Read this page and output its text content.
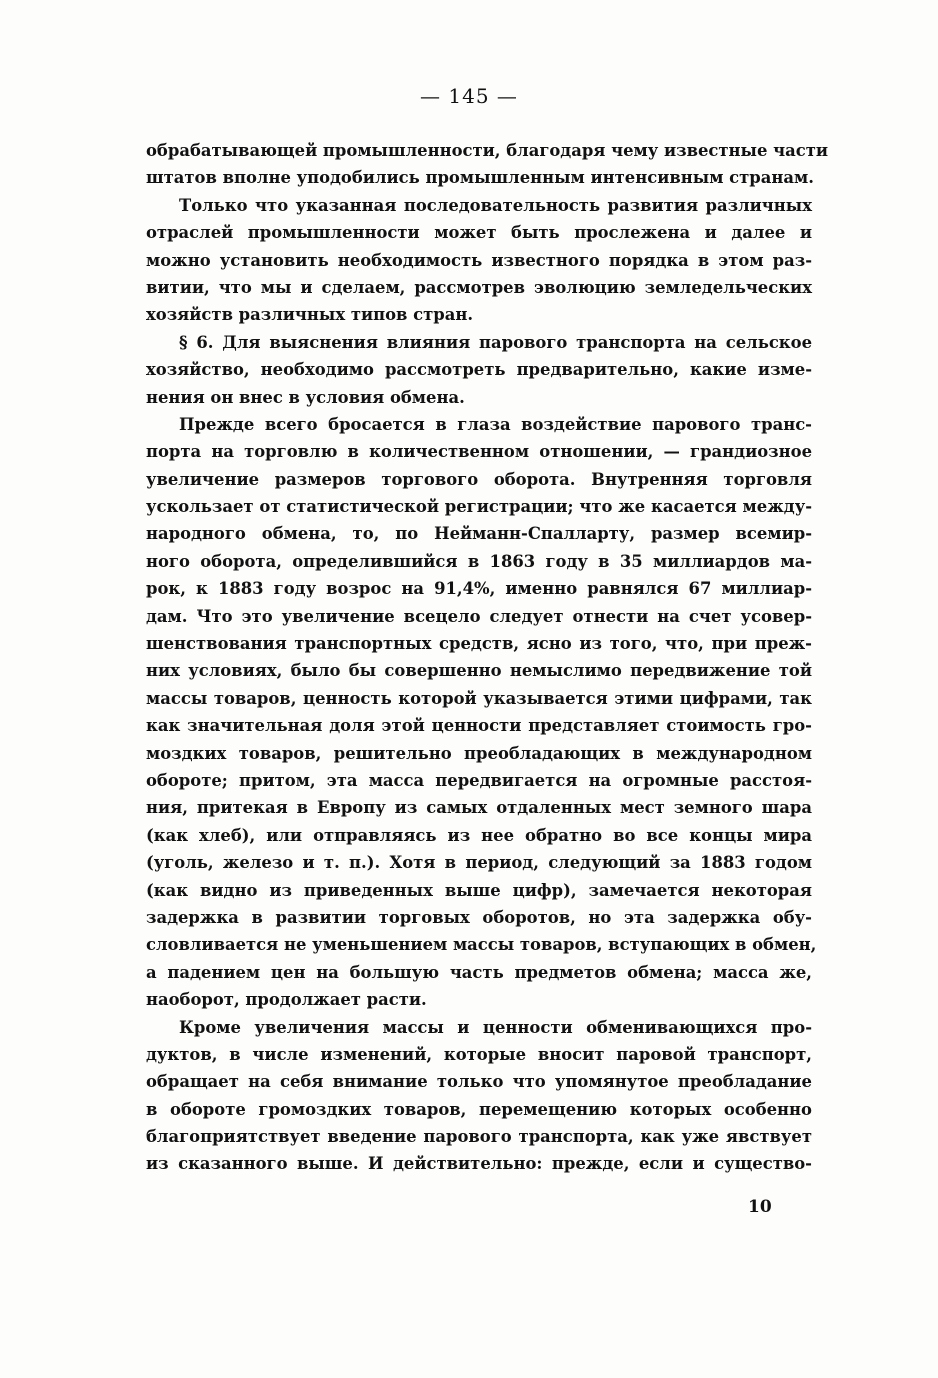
— 145 —
обрабатывающей промышленности, благодаря чему известные части
штатов вполне уподобились промышленным интенсивным странам.
Только что указанная последовательность развития различных
отраслей промышленности может быть прослежена и далее и
можно установить необходимость известного порядка в этом раз-
витии, что мы и сделаем, рассмотрев эволюцию земледельческих
хозяйств различных типов стран.
§ 6. Для выяснения влияния парового транспорта на сельское
хозяйство, необходимо рассмотреть предварительно, какие изме-
нения он внес в условия обмена.
Прежде всего бросается в глаза воздействие парового транс-
порта на торговлю в количественном отношении, — грандиозное
увеличение размеров торгового оборота. Внутренняя торговля
ускользает от статистической регистрации; что же касается между-
народного обмена, то, по Нейманн-Спалларту, размер всемир-
ного оборота, определившийся в 1863 году в 35 миллиардов ма-
рок, к 1883 году возрос на 91,4%, именно равнялся 67 миллиар-
дам. Что это увеличение всецело следует отнести на счет усовер-
шенствования транспортных средств, ясно из того, что, при преж-
них условиях, было бы совершенно немыслимо передвижение той
массы товаров, ценность которой указывается этими цифрами, так
как значительная доля этой ценности представляет стоимость гро-
моздких товаров, решительно преобладающих в международном
обороте; притом, эта масса передвигается на огромные расстоя-
ния, притекая в Европу из самых отдаленных мест земного шара
(как хлеб), или отправляясь из нее обратно во все концы мира
(уголь, железо и т. п.). Хотя в период, следующий за 1883 годом
(как видно из приведенных выше цифр), замечается некоторая
задержка в развитии торговых оборотов, но эта задержка обу-
словливается не уменьшением массы товаров, вступающих в обмен,
а падением цен на большую часть предметов обмена; масса же,
наоборот, продолжает расти.
Кроме увеличения массы и ценности обменивающихся про-
дуктов, в числе изменений, которые вносит паровой транспорт,
обращает на себя внимание только что упомянутое преобладание
в обороте громоздких товаров, перемещению которых особенно
благоприятствует введение парового транспорта, как уже явствует
из сказанного выше. И действительно: прежде, если и существо-
10
